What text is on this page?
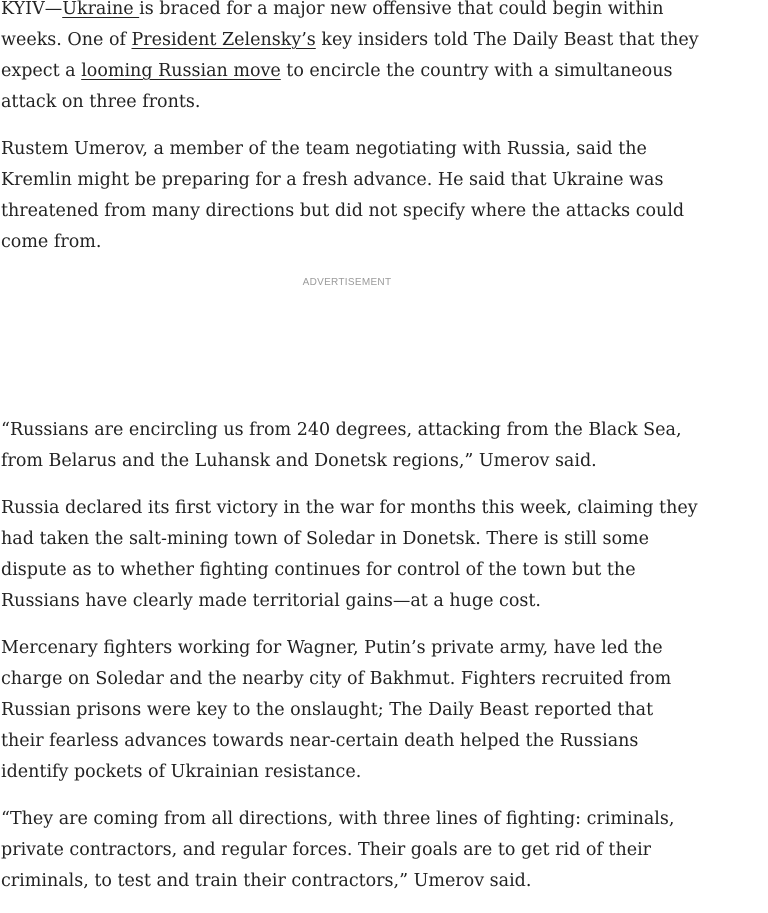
KYIV—Ukraine is braced for a major new offensive that could begin within weeks. One of President Zelensky’s key insiders told The Daily Beast that they expect a looming Russian move to encircle the country with a simultaneous attack on three fronts.

Rustem Umerov, a member of the team negotiating with Russia, said the Kremlin might be preparing for a fresh advance. He said that Ukraine was threatened from many directions but did not specify where the attacks could come from.

ADVERTISEMENT

“Russians are encircling us from 240 degrees, attacking from the Black Sea, from Belarus and the Luhansk and Donetsk regions,” Umerov said.

Russia declared its first victory in the war for months this week, claiming they had taken the salt-mining town of Soledar in Donetsk. There is still some dispute as to whether fighting continues for control of the town but the Russians have clearly made territorial gains—at a huge cost.

Mercenary fighters working for Wagner, Putin’s private army, have led the charge on Soledar and the nearby city of Bakhmut. Fighters recruited from Russian prisons were key to the onslaught; The Daily Beast reported that their fearless advances towards near-certain death helped the Russians identify pockets of Ukrainian resistance.

“They are coming from all directions, with three lines of fighting: criminals, private contractors, and regular forces. Their goals are to get rid of their criminals, to test and train their contractors,” Umerov said.
